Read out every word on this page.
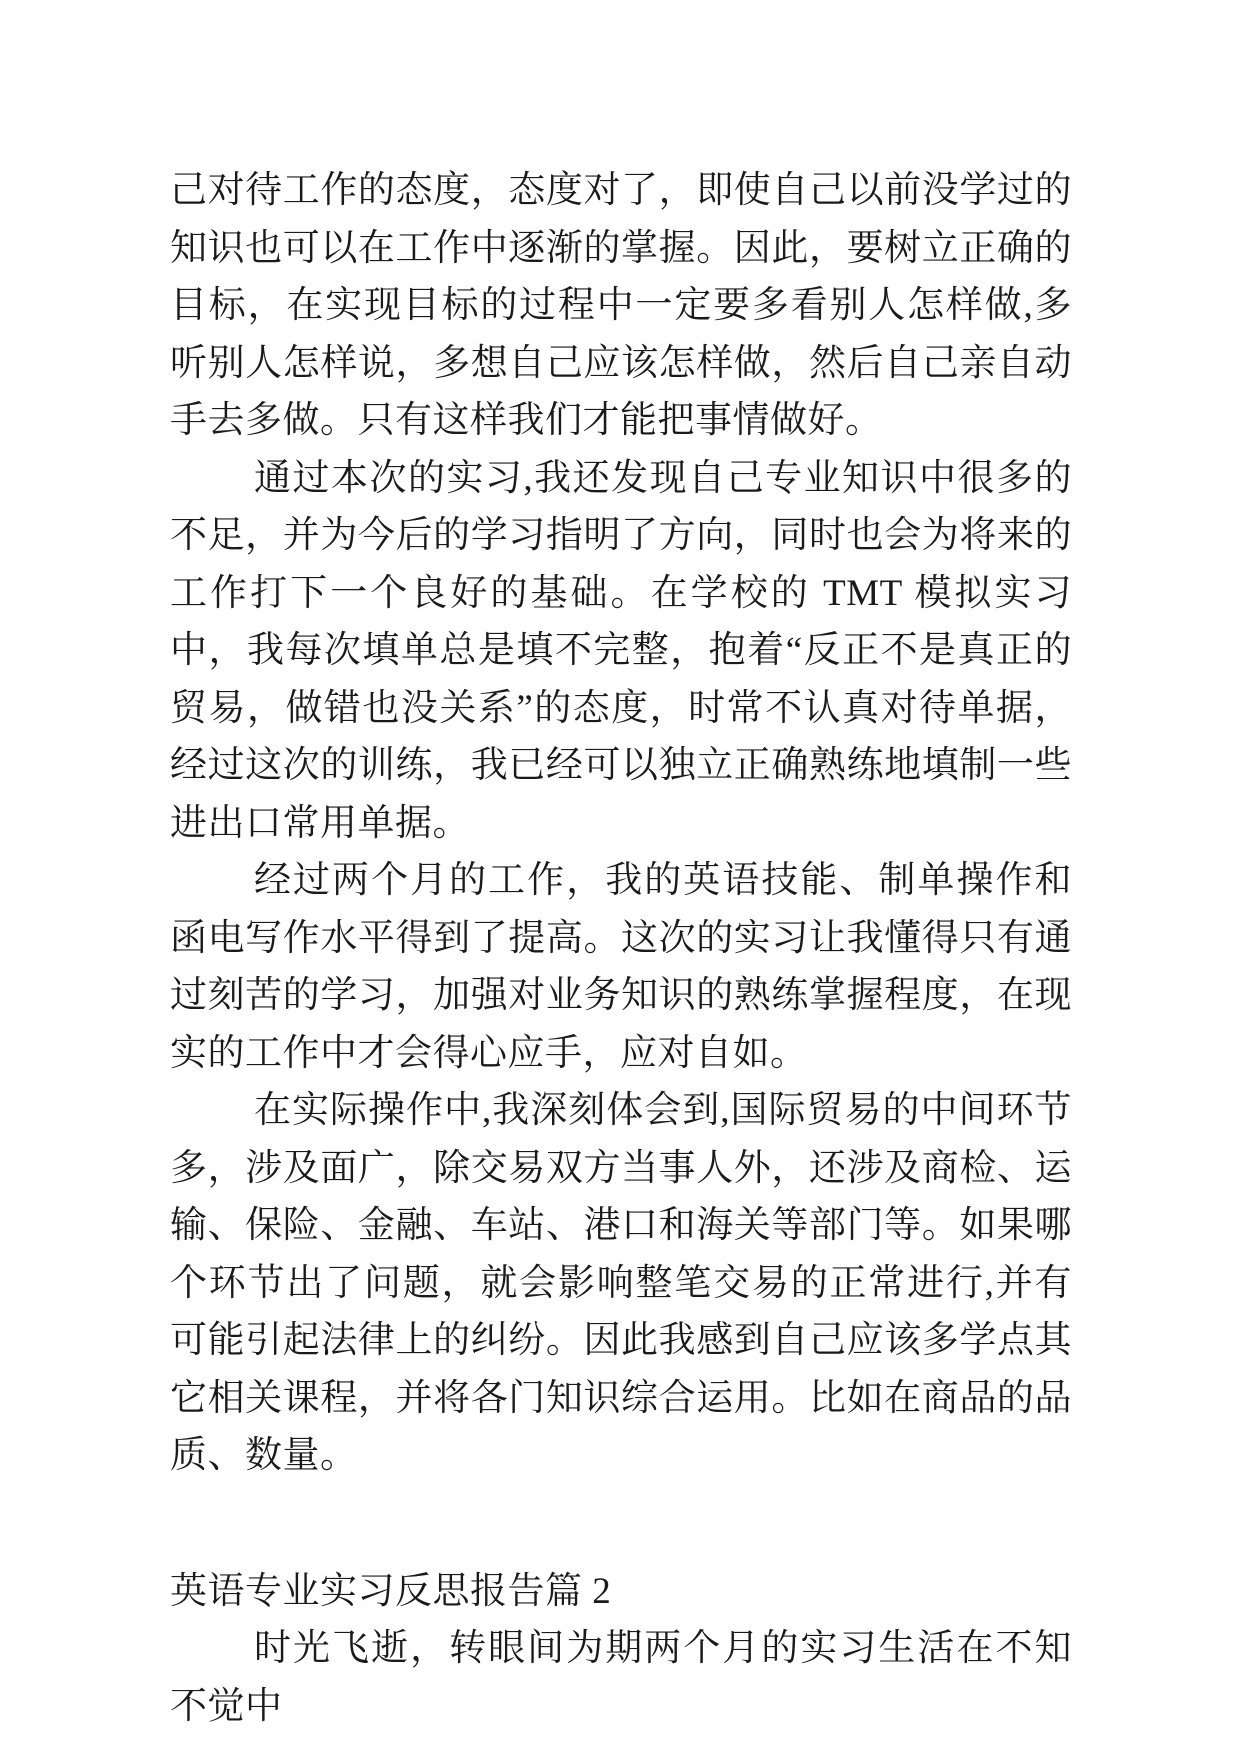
己对待工作的态度，态度对了，即使自己以前没学过的知识也可以在工作中逐渐的掌握。因此，要树立正确的目标，在实现目标的过程中一定要多看别人怎样做,多听别人怎样说，多想自己应该怎样做，然后自己亲自动手去多做。只有这样我们才能把事情做好。

通过本次的实习,我还发现自己专业知识中很多的不足，并为今后的学习指明了方向，同时也会为将来的工作打下一个良好的基础。在学校的 TMT 模拟实习中，我每次填单总是填不完整，抱着“反正不是真正的贸易，做错也没关系”的态度，时常不认真对待单据，经过这次的训练，我已经可以独立正确熟练地填制一些进出口常用单据。

经过两个月的工作，我的英语技能、制单操作和函电写作水平得到了提高。这次的实习让我懂得只有通过刻苦的学习，加强对业务知识的熟练掌握程度，在现实的工作中才会得心应手，应对自如。

在实际操作中,我深刻体会到,国际贸易的中间环节多，涉及面广，除交易双方当事人外，还涉及商检、运输、保险、金融、车站、港口和海关等部门等。如果哪个环节出了问题，就会影响整笔交易的正常进行,并有可能引起法律上的纠纷。因此我感到自己应该多学点其它相关课程，并将各门知识综合运用。比如在商品的品质、数量。

英语专业实习反思报告篇 2

时光飞逝，转眼间为期两个月的实习生活在不知不觉中
